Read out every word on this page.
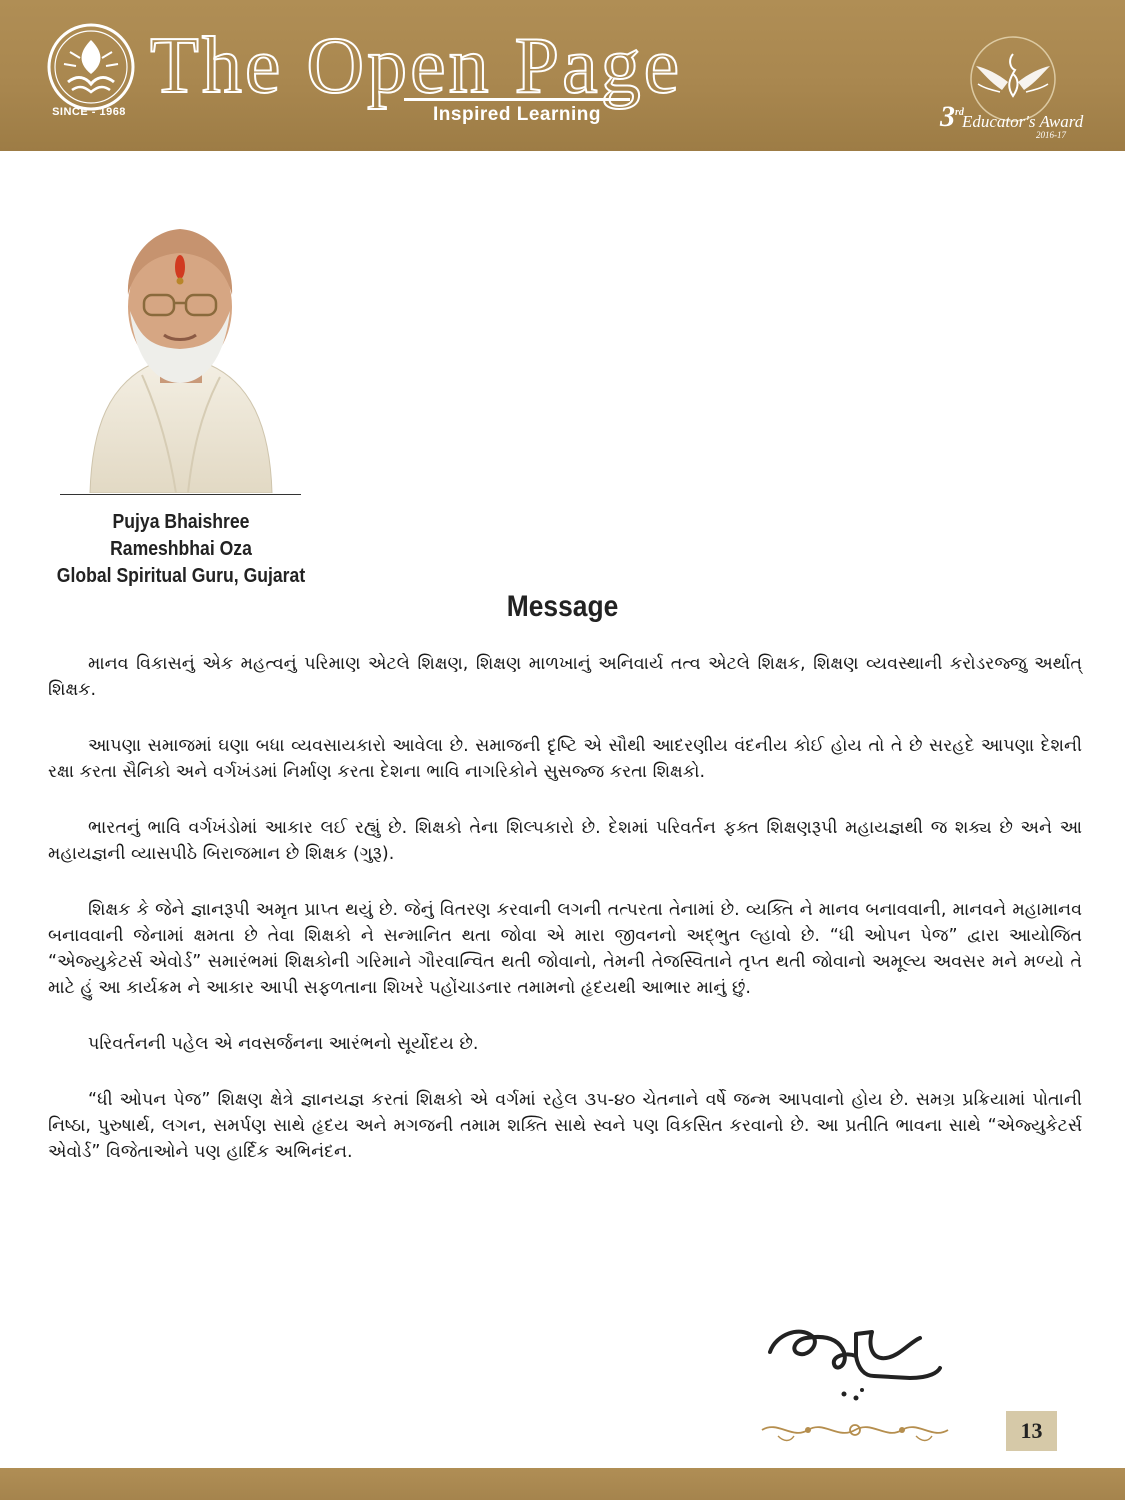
SINCE - 1968
The Open Page
Inspired Learning	3rd
Educator's Award
2016-17
Pujya Bhaishree
Rameshbhai Oza
Global Spiritual Guru, Gujarat
Message

માનવ વિકાસનું એક મહત્વનું પરિમાણ એટલે શિક્ષણ, શિક્ષણ માળખાનું અનિવાર્ય તત્વ એટલે શિક્ષક, શિક્ષણ વ્યવસ્થાની કરોડરજ્જુ અર્થાત્ શિક્ષક.

આપણા સમાજમાં ઘણા બધા વ્યવસાયકારો આવેલા છે. સમાજની દૃષ્ટિ એ સૌથી આદરણીય વંદનીય કોઈ હોય તો તે છે સરહદે આપણા દેશની રક્ષા કરતા સૈનિકો અને વર્ગખંડમાં નિર્માણ કરતા દેશના ભાવિ નાગરિકોને સુસજ્જ કરતા શિક્ષકો.

ભારતનું ભાવિ વર્ગખંડોમાં આકાર લઈ રહ્યું છે. શિક્ષકો તેના શિલ્પકારો છે. દેશમાં પરિવર્તન ફક્ત શિક્ષણરૂપી મહાયજ્ઞથી જ શક્ય છે અને આ મહાયજ્ઞની વ્યાસપીઠે બિરાજમાન છે શિક્ષક (ગુરૂ).

શિક્ષક કે જેને જ્ઞાનરૂપી અમૃત પ્રાપ્ત થયું છે. જેનું વિતરણ કરવાની લગની તત્પરતા તેનામાં છે. વ્યક્તિ ને માનવ બનાવવાની, માનવને મહામાનવ બનાવવાની જેનામાં ક્ષમતા છે તેવા શિક્ષકો ને સન્માનિત થતા જોવા એ મારા જીવનનો અદ્‌ભુત લ્હાવો છે. “ધી ઓપન પેજ” દ્વારા આયોજિત “એજ્યુકેટર્સ એવોર્ડ” સમારંભમાં શિક્ષકોની ગરિમાને ગૌરવાન્વિત થતી જોવાનો, તેમની તેજસ્વિતાને તૃપ્ત થતી જોવાનો અમૂલ્ય અવસર મને મળ્યો તે માટે હું આ કાર્યક્રમ ને આકાર આપી સફળતાના શિખરે પહોંચાડનાર તમામનો હૃદયથી આભાર માનું છું.

પરિવર્તનની પહેલ એ નવસર્જનના આરંભનો સૂર્યોદય છે.

“ધી ઓપન પેજ” શિક્ષણ ક્ષેત્રે જ્ઞાનયજ્ઞ કરતાં શિક્ષકો એ વર્ગમાં રહેલ ૩૫-૪૦ ચેતનાને વર્ષે જન્મ આપવાનો હોય છે. સમગ્ર પ્રક્રિયામાં પોતાની નિષ્ઠા, પુરુષાર્થ, લગન, સમર્પણ સાથે હૃદય અને મગજની તમામ શક્તિ સાથે સ્વને પણ વિકસિત કરવાનો છે. આ પ્રતીતિ ભાવના સાથે “એજ્યુકેટર્સ એવોર્ડ” વિજેતાઓને પણ હાર્દિક અભિનંદન.

13
